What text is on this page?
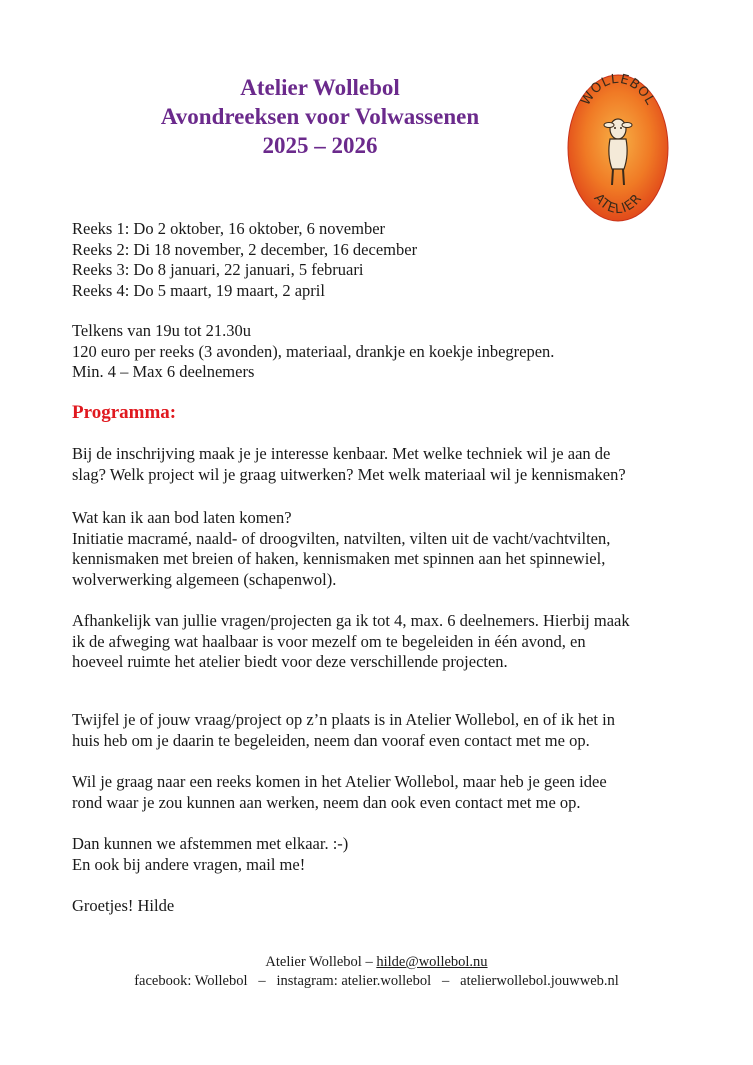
Atelier Wollebol
Avondreeksen voor Volwassenen
2025 – 2026
WOLLEBOL
ATELIER

Reeks 1: Do 2 oktober, 16 oktober, 6 november

Reeks 2: Di 18 november, 2 december, 16 december

Reeks 3: Do 8 januari, 22 januari, 5 februari

Reeks 4: Do 5 maart, 19 maart, 2 april

Telkens van 19u tot 21.30u

120 euro per reeks (3 avonden), materiaal, drankje en koekje inbegrepen.

Min. 4 – Max 6 deelnemers

Programma:

Bij de inschrijving maak je je interesse kenbaar. Met welke techniek wil je aan de

slag? Welk project wil je graag uitwerken? Met welk materiaal wil je kennismaken?

Wat kan ik aan bod laten komen?

Initiatie macramé, naald- of droogvilten, natvilten, vilten uit de vacht/vachtvilten,

kennismaken met breien of haken, kennismaken met spinnen aan het spinnewiel,

wolverwerking algemeen (schapenwol).

Afhankelijk van jullie vragen/projecten ga ik tot 4, max. 6 deelnemers. Hierbij maak

ik de afweging wat haalbaar is voor mezelf om te begeleiden in één avond, en

hoeveel ruimte het atelier biedt voor deze verschillende projecten.

Twijfel je of jouw vraag/project op z’n plaats is in Atelier Wollebol, en of ik het in

huis heb om je daarin te begeleiden, neem dan vooraf even contact met me op.

Wil je graag naar een reeks komen in het Atelier Wollebol, maar heb je geen idee

rond waar je zou kunnen aan werken, neem dan ook even contact met me op.

Dan kunnen we afstemmen met elkaar. :-)

En ook bij andere vragen, mail me!

Groetjes! Hilde

Atelier Wollebol – hilde@wollebol.nu
facebook: Wollebol   –   instagram: atelier.wollebol   –   atelierwollebol.jouwweb.nl
